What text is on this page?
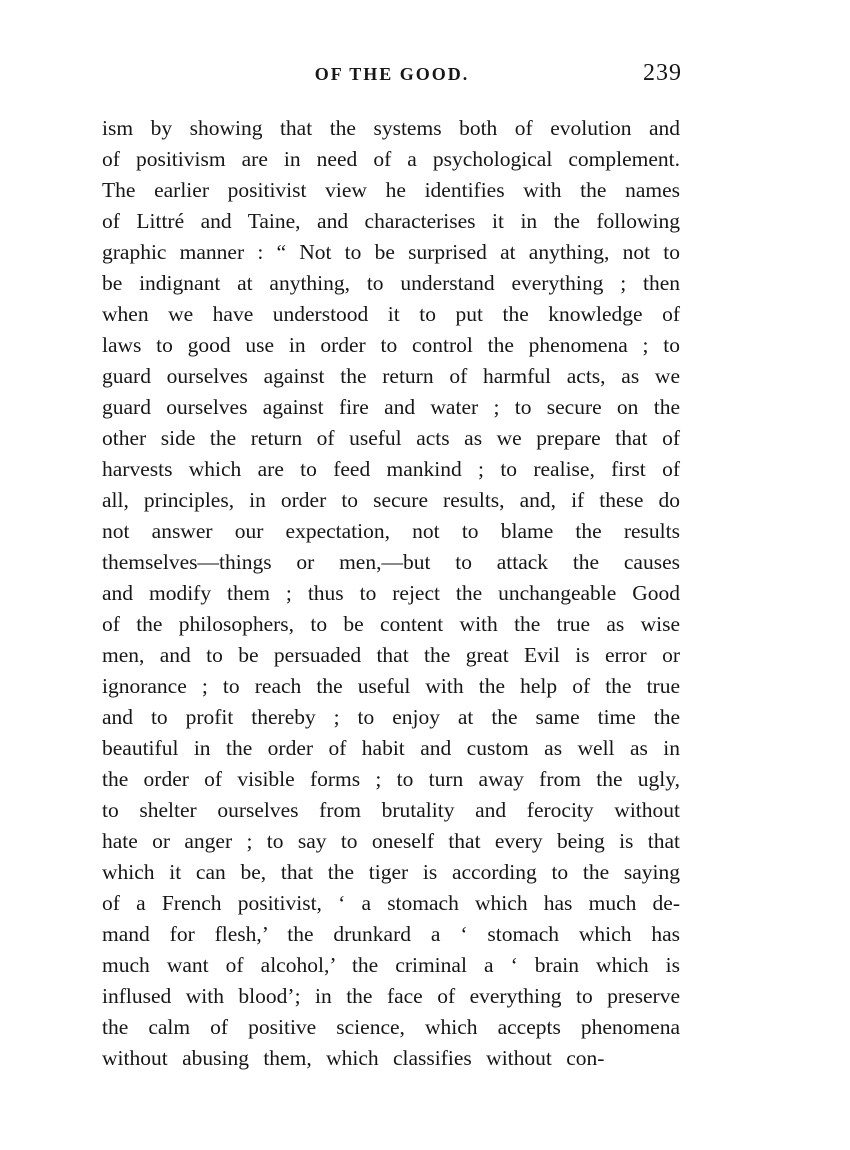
OF THE GOOD.	239
ism by showing that the systems both of evolution and
of positivism are in need of a psychological complement.
The earlier positivist view he identifies with the names
of Littré and Taine, and characterises it in the following
graphic manner : “ Not to be surprised at anything, not to
be indignant at anything, to understand everything ; then
when we have understood it to put the knowledge of
laws to good use in order to control the phenomena ; to
guard ourselves against the return of harmful acts, as we
guard ourselves against fire and water ; to secure on the
other side the return of useful acts as we prepare that of
harvests which are to feed mankind ; to realise, first of
all, principles, in order to secure results, and, if these do
not answer our expectation, not to blame the results
themselves—things or men,—but to attack the causes
and modify them ; thus to reject the unchangeable Good
of the philosophers, to be content with the true as wise
men, and to be persuaded that the great Evil is error or
ignorance ; to reach the useful with the help of the true
and to profit thereby ; to enjoy at the same time the
beautiful in the order of habit and custom as well as in
the order of visible forms ; to turn away from the ugly,
to shelter ourselves from brutality and ferocity without
hate or anger ; to say to oneself that every being is that
which it can be, that the tiger is according to the saying
of a French positivist, ‘ a stomach which has much de-
mand for flesh,’ the drunkard a ‘ stomach which has
much want of alcohol,’ the criminal a ‘ brain which is
inflused with blood’; in the face of everything to preserve
the calm of positive science, which accepts phenomena
without abusing them, which classifies without con-
